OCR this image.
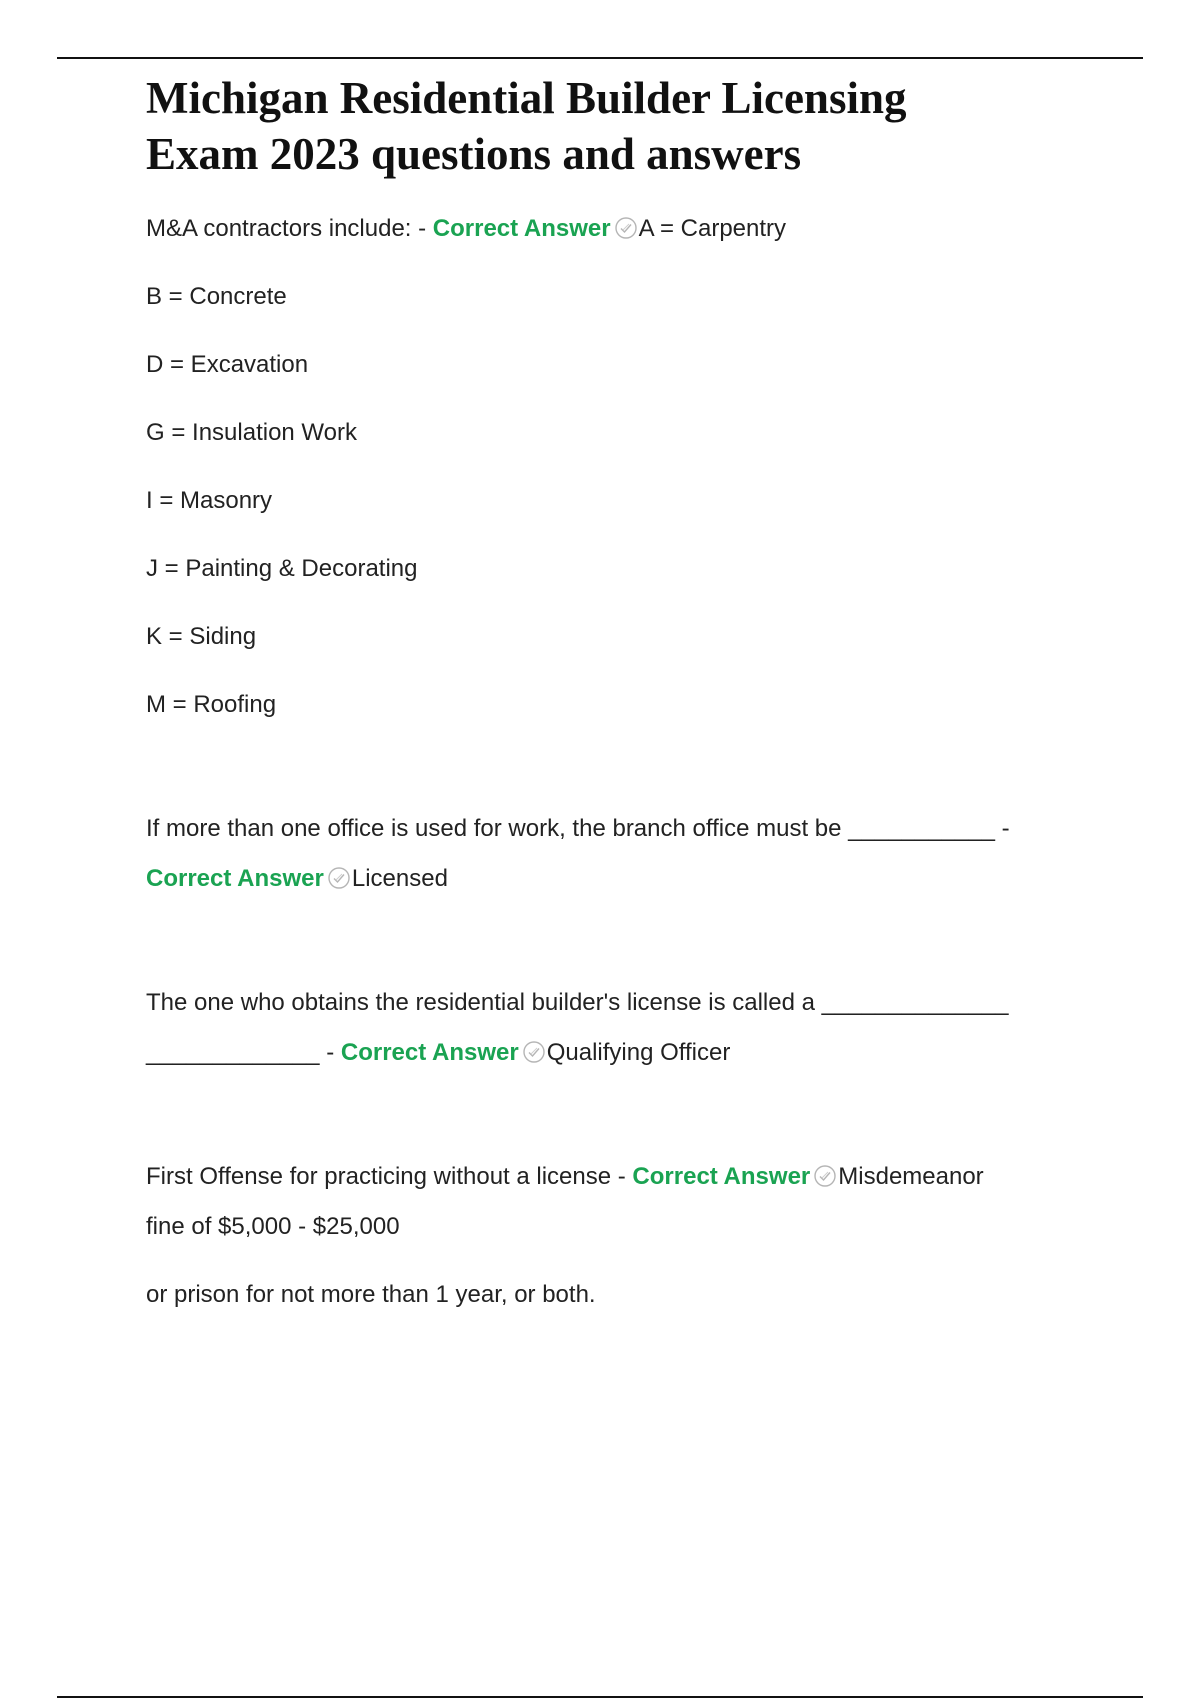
Michigan Residential Builder Licensing
Exam 2023 questions and answers
M&A contractors include: - Correct Answer A = Carpentry
B = Concrete
D = Excavation
G = Insulation Work
I = Masonry
J = Painting & Decorating
K = Siding
M = Roofing
If more than one office is used for work, the branch office must be ___________ -
Correct Answer Licensed
The one who obtains the residential builder's license is called a ______________
_____________ - Correct Answer Qualifying Officer
First Offense for practicing without a license - Correct Answer Misdemeanor
fine of $5,000 - $25,000
or prison for not more than 1 year, or both.
